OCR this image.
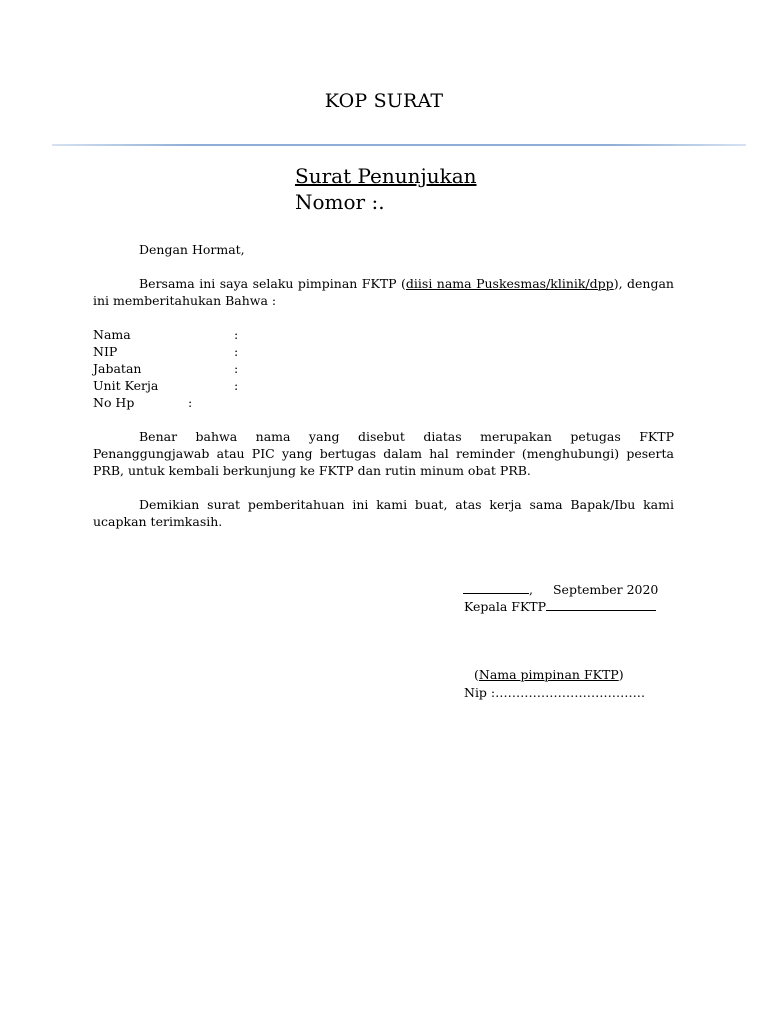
KOP SURAT
Surat Penunjukan
Nomor :.
Dengan Hormat,
Bersama ini saya selaku pimpinan FKTP (diisi nama Puskesmas/klinik/dpp), dengan ini memberitahukan Bahwa :
Nama	:
NIP	:
Jabatan	:
Unit Kerja	:
No Hp	:
Benar bahwa nama yang disebut diatas merupakan petugas FKTP Penanggungjawab atau PIC yang bertugas dalam hal reminder (menghubungi) peserta PRB, untuk kembali berkunjung ke FKTP dan rutin minum obat PRB.
Demikian surat pemberitahuan ini kami buat, atas kerja sama Bapak/Ibu kami ucapkan terimkasih.
, September 2020
Kepala FKTP
(Nama pimpinan FKTP)
Nip :………………………………
